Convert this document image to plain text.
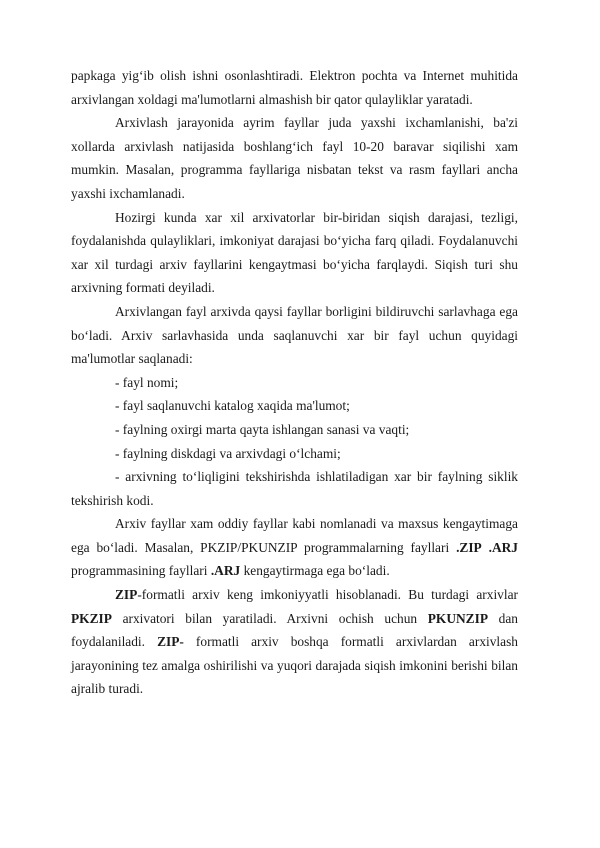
papkaga yig‘ib olish ishni osonlashtiradi. Elektron pochta va Internet muhitida arxivlangan xoldagi ma'lumotlarni almashish bir qator qulayliklar yaratadi.

Arxivlash jarayonida ayrim fayllar juda yaxshi ixchamlanishi, ba'zi xollarda arxivlash natijasida boshlang‘ich fayl 10-20 baravar siqilishi xam mumkin. Masalan, programma fayllariga nisbatan tekst va rasm fayllari ancha yaxshi ixchamlanadi.

Hozirgi kunda xar xil arxivatorlar bir-biridan siqish darajasi, tezligi, foydalanishda qulayliklari, imkoniyat darajasi bo‘yicha farq qiladi. Foydalanuvchi xar xil turdagi arxiv fayllarini kengaytmasi bo‘yicha farqlaydi. Siqish turi shu arxivning formati deyiladi.

Arxivlangan fayl arxivda qaysi fayllar borligini bildiruvchi sarlavhaga ega bo‘ladi. Arxiv sarlavhasida unda saqlanuvchi xar bir fayl uchun quyidagi ma'lumotlar saqlanadi:

- fayl nomi;

- fayl saqlanuvchi katalog xaqida ma'lumot;

- faylning oxirgi marta qayta ishlangan sanasi va vaqti;

- faylning diskdagi va arxivdagi o‘lchami;

- arxivning to‘liqligini tekshirishda ishlatiladigan xar bir faylning siklik tekshirish kodi.

Arxiv fayllar xam oddiy fayllar kabi nomlanadi va maxsus kengaytimaga ega bo‘ladi. Masalan, PKZIP/PKUNZIP programmalarning fayllari .ZIP .ARJ programmasining fayllari .ARJ kengaytirmaga ega bo‘ladi.

ZIP-formatli arxiv keng imkoniyyatli hisoblanadi. Bu turdagi arxivlar PKZIP arxivatori bilan yaratiladi. Arxivni ochish uchun PKUNZIP dan foydalaniladi. ZIP- formatli arxiv boshqa formatli arxivlardan arxivlash jarayonining tez amalga oshirilishi va yuqori darajada siqish imkonini berishi bilan ajralib turadi.
